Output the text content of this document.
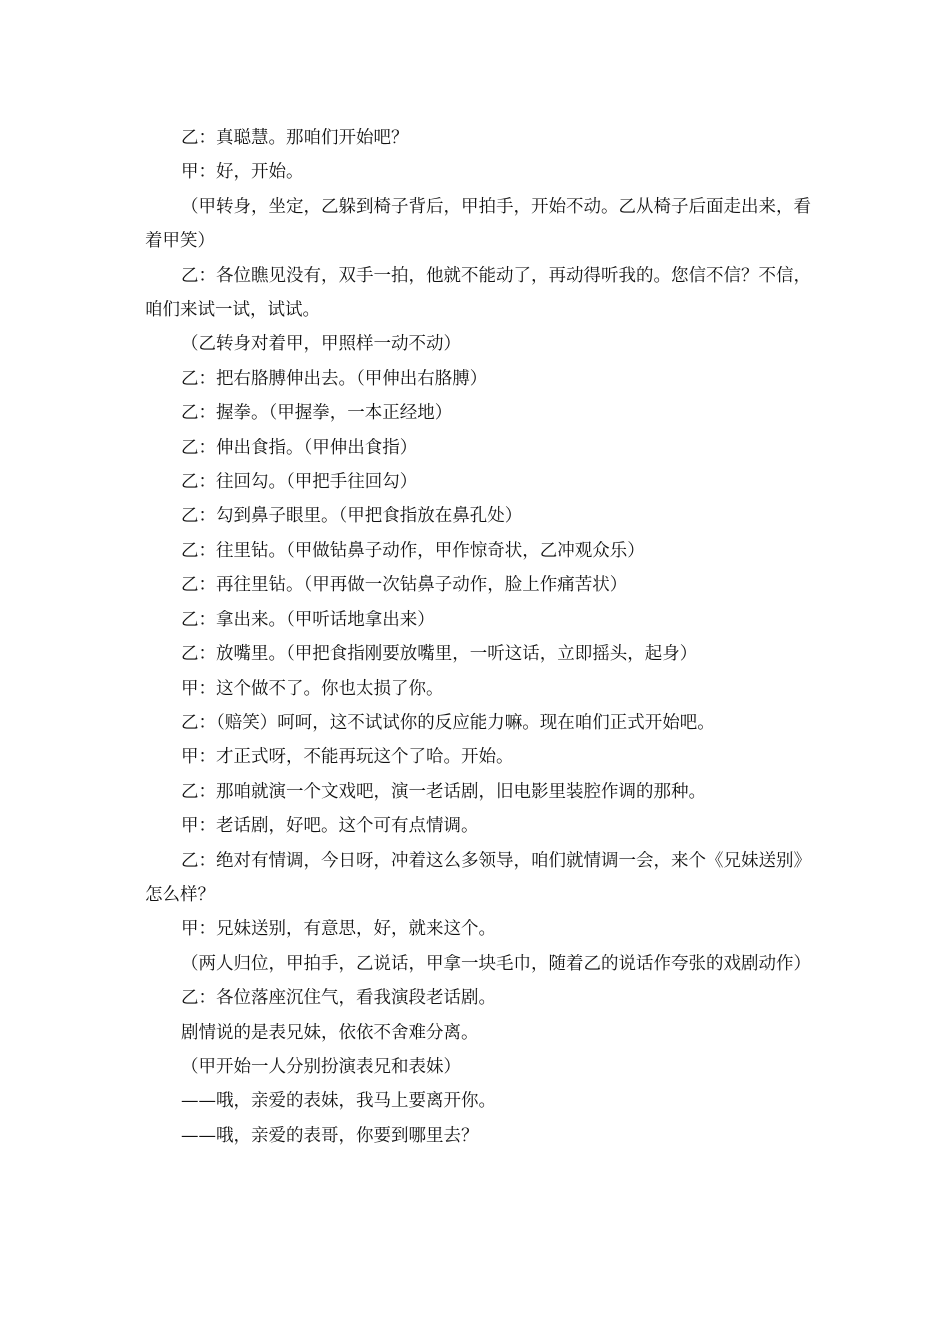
乙：真聪慧。那咱们开始吧？

甲：好，开始。

（甲转身，坐定，乙躲到椅子背后，甲拍手，开始不动。乙从椅子后面走出来，看着甲笑）

乙：各位瞧见没有，双手一拍，他就不能动了，再动得听我的。您信不信？不信，咱们来试一试，试试。

（乙转身对着甲，甲照样一动不动）

乙：把右胳膊伸出去。（甲伸出右胳膊）

乙：握拳。（甲握拳，一本正经地）

乙：伸出食指。（甲伸出食指）

乙：往回勾。（甲把手往回勾）

乙：勾到鼻子眼里。（甲把食指放在鼻孔处）

乙：往里钻。（甲做钻鼻子动作，甲作惊奇状，乙冲观众乐）

乙：再往里钻。（甲再做一次钻鼻子动作，脸上作痛苦状）

乙：拿出来。（甲听话地拿出来）

乙：放嘴里。（甲把食指刚要放嘴里，一听这话，立即摇头，起身）

甲：这个做不了。你也太损了你。

乙：（赔笑）呵呵，这不试试你的反应能力嘛。现在咱们正式开始吧。

甲：才正式呀，不能再玩这个了哈。开始。

乙：那咱就演一个文戏吧，演一老话剧，旧电影里装腔作调的那种。

甲：老话剧，好吧。这个可有点情调。

乙：绝对有情调，今日呀，冲着这么多领导，咱们就情调一会，来个《兄妹送别》怎么样？

甲：兄妹送别，有意思，好，就来这个。

（两人归位，甲拍手，乙说话，甲拿一块毛巾，随着乙的说话作夸张的戏剧动作）

乙：各位落座沉住气，看我演段老话剧。

剧情说的是表兄妹，依依不舍难分离。

（甲开始一人分别扮演表兄和表妹）

——哦，亲爱的表妹，我马上要离开你。

——哦，亲爱的表哥，你要到哪里去？
